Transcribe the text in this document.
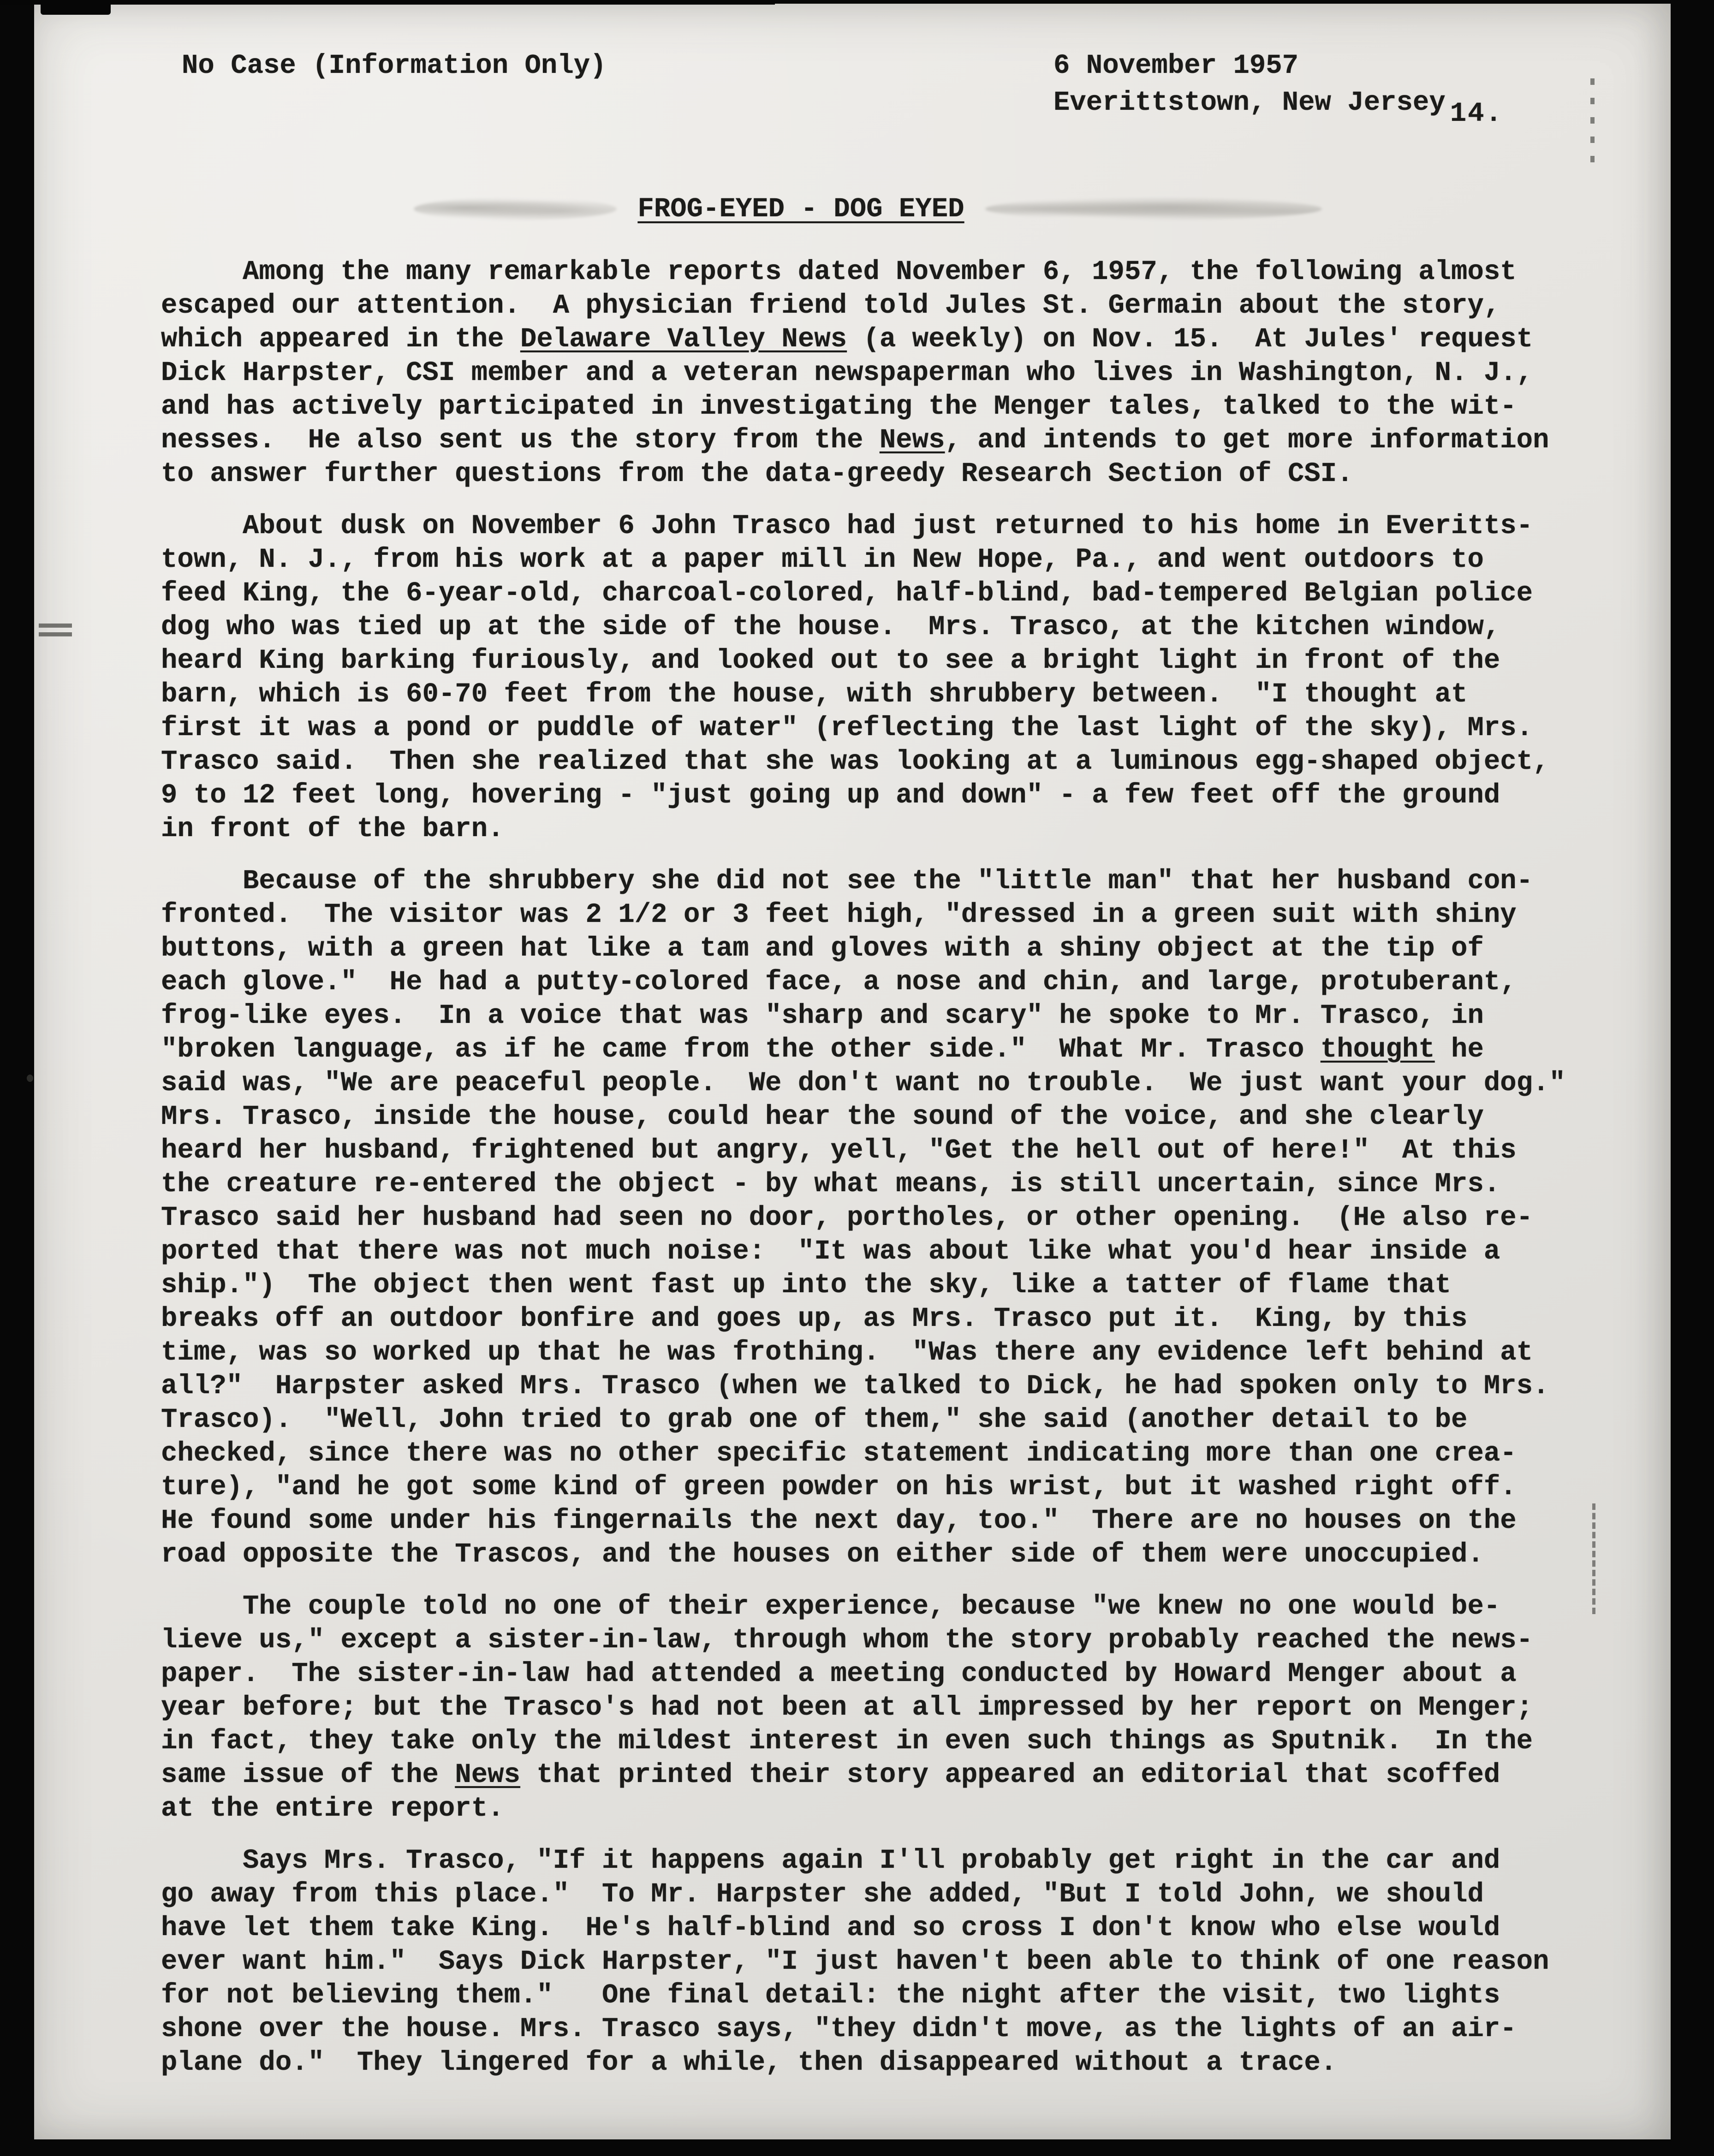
No Case (Information Only)	6 November 1957
Everittstown, New Jersey 14.
FROG-EYED - DOG EYED
Among the many remarkable reports dated November 6, 1957, the following almost
escaped our attention.  A physician friend told Jules St. Germain about the story,
which appeared in the Delaware Valley News (a weekly) on Nov. 15.  At Jules' request
Dick Harpster, CSI member and a veteran newspaperman who lives in Washington, N. J.,
and has actively participated in investigating the Menger tales, talked to the wit-
nesses.  He also sent us the story from the News, and intends to get more information
to answer further questions from the data-greedy Research Section of CSI.
About dusk on November 6 John Trasco had just returned to his home in Everitts-
town, N. J., from his work at a paper mill in New Hope, Pa., and went outdoors to
feed King, the 6-year-old, charcoal-colored, half-blind, bad-tempered Belgian police
dog who was tied up at the side of the house.  Mrs. Trasco, at the kitchen window,
heard King barking furiously, and looked out to see a bright light in front of the
barn, which is 60-70 feet from the house, with shrubbery between.  "I thought at
first it was a pond or puddle of water" (reflecting the last light of the sky), Mrs.
Trasco said.  Then she realized that she was looking at a luminous egg-shaped object,
9 to 12 feet long, hovering - "just going up and down" - a few feet off the ground
in front of the barn.
Because of the shrubbery she did not see the "little man" that her husband con-
fronted.  The visitor was 2 1/2 or 3 feet high, "dressed in a green suit with shiny
buttons, with a green hat like a tam and gloves with a shiny object at the tip of
each glove."  He had a putty-colored face, a nose and chin, and large, protuberant,
frog-like eyes.  In a voice that was "sharp and scary" he spoke to Mr. Trasco, in
"broken language, as if he came from the other side."  What Mr. Trasco thought he
said was, "We are peaceful people.  We don't want no trouble.  We just want your dog."
Mrs. Trasco, inside the house, could hear the sound of the voice, and she clearly
heard her husband, frightened but angry, yell, "Get the hell out of here!"  At this
the creature re-entered the object - by what means, is still uncertain, since Mrs.
Trasco said her husband had seen no door, portholes, or other opening.  (He also re-
ported that there was not much noise:  "It was about like what you'd hear inside a
ship.")  The object then went fast up into the sky, like a tatter of flame that
breaks off an outdoor bonfire and goes up, as Mrs. Trasco put it.  King, by this
time, was so worked up that he was frothing.  "Was there any evidence left behind at
all?"  Harpster asked Mrs. Trasco (when we talked to Dick, he had spoken only to Mrs.
Trasco).  "Well, John tried to grab one of them," she said (another detail to be
checked, since there was no other specific statement indicating more than one crea-
ture), "and he got some kind of green powder on his wrist, but it washed right off.
He found some under his fingernails the next day, too."  There are no houses on the
road opposite the Trascos, and the houses on either side of them were unoccupied.
The couple told no one of their experience, because "we knew no one would be-
lieve us," except a sister-in-law, through whom the story probably reached the news-
paper.  The sister-in-law had attended a meeting conducted by Howard Menger about a
year before; but the Trasco's had not been at all impressed by her report on Menger;
in fact, they take only the mildest interest in even such things as Sputnik.  In the
same issue of the News that printed their story appeared an editorial that scoffed
at the entire report.
Says Mrs. Trasco, "If it happens again I'll probably get right in the car and
go away from this place."  To Mr. Harpster she added, "But I told John, we should
have let them take King.  He's half-blind and so cross I don't know who else would
ever want him."  Says Dick Harpster, "I just haven't been able to think of one reason
for not believing them."   One final detail: the night after the visit, two lights
shone over the house. Mrs. Trasco says, "they didn't move, as the lights of an air-
plane do."  They lingered for a while, then disappeared without a trace.
